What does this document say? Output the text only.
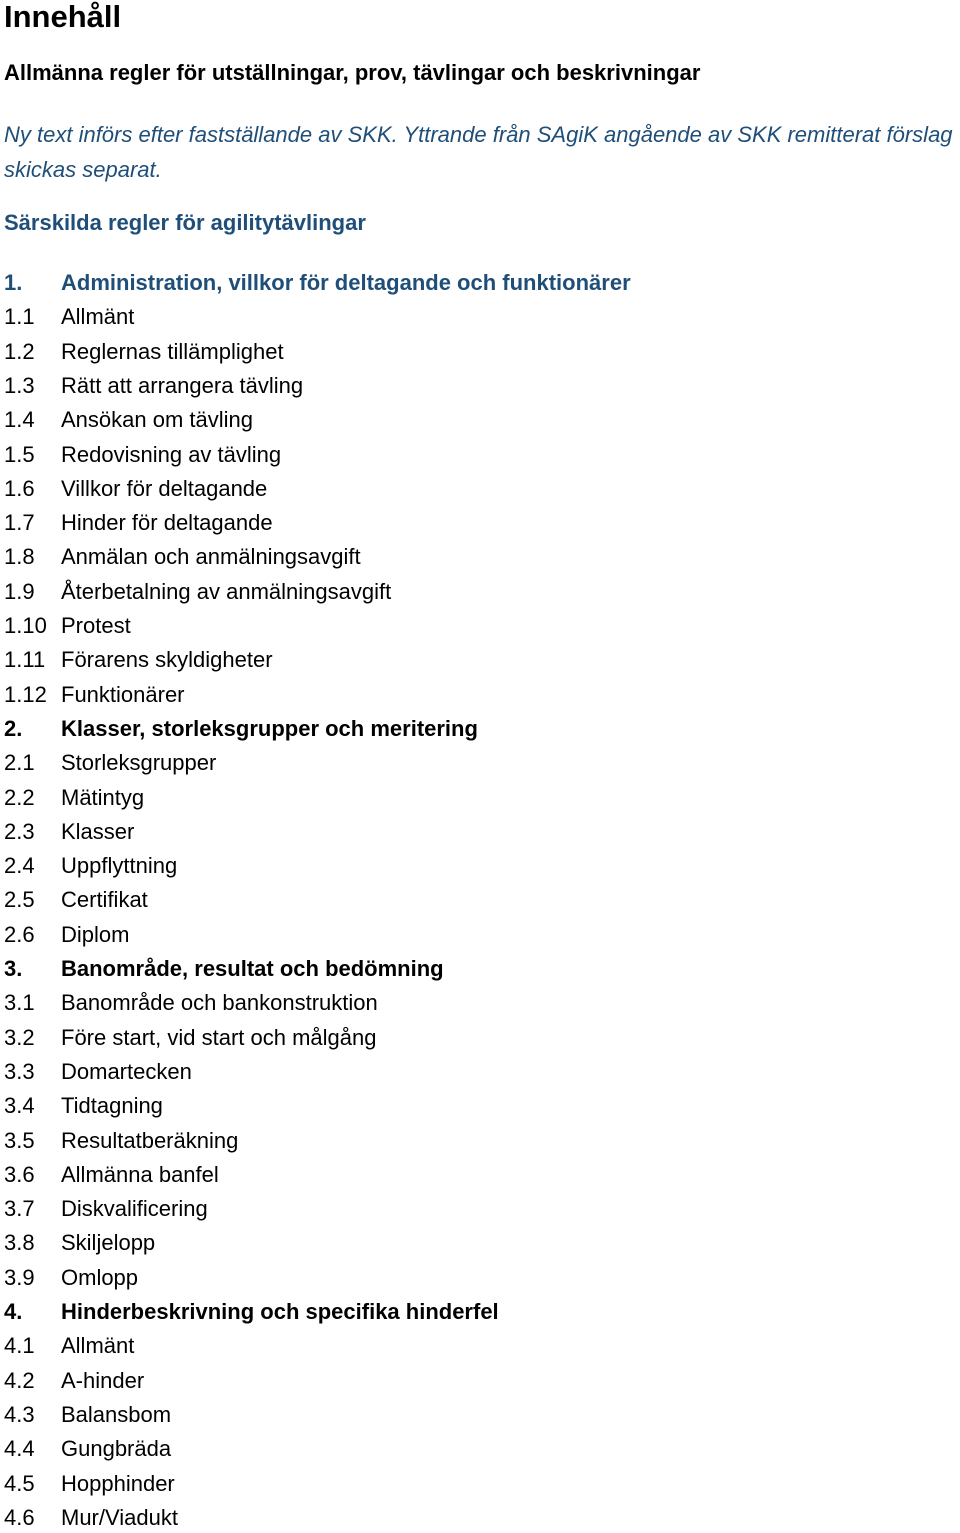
Innehåll
Allmänna regler för utställningar, prov, tävlingar och beskrivningar
Ny text införs efter fastställande av SKK. Yttrande från SAgiK angående av SKK remitterat förslag skickas separat.
Särskilda regler för agilitytävlingar
1. Administration, villkor för deltagande och funktionärer
1.1 Allmänt
1.2 Reglernas tillämplighet
1.3 Rätt att arrangera tävling
1.4 Ansökan om tävling
1.5 Redovisning av tävling
1.6 Villkor för deltagande
1.7 Hinder för deltagande
1.8 Anmälan och anmälningsavgift
1.9 Återbetalning av anmälningsavgift
1.10 Protest
1.11 Förarens skyldigheter
1.12 Funktionärer
2. Klasser, storleksgrupper och meritering
2.1 Storleksgrupper
2.2 Mätintyg
2.3 Klasser
2.4 Uppflyttning
2.5 Certifikat
2.6 Diplom
3. Banområde, resultat och bedömning
3.1 Banområde och bankonstruktion
3.2 Före start, vid start och målgång
3.3 Domartecken
3.4 Tidtagning
3.5 Resultatberäkning
3.6 Allmänna banfel
3.7 Diskvalificering
3.8 Skiljelopp
3.9 Omlopp
4. Hinderbeskrivning och specifika hinderfel
4.1 Allmänt
4.2 A-hinder
4.3 Balansbom
4.4 Gungbräda
4.5 Hopphinder
4.6 Mur/Viadukt
